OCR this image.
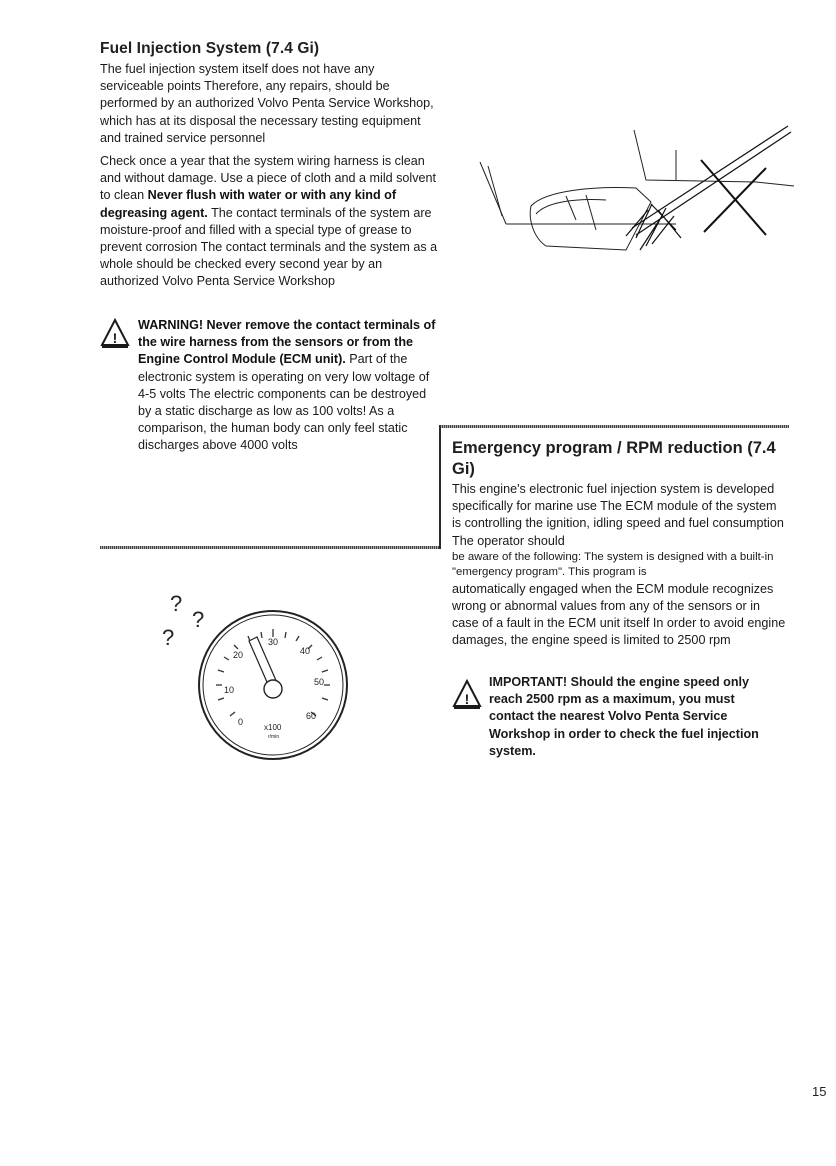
Fuel Injection System (7.4 Gi)

The fuel injection system itself does not have any serviceable points Therefore, any repairs, should be performed by an authorized Volvo Penta Service Workshop, which has at its disposal the necessary testing equipment and trained service personnel

Check once a year that the system wiring harness is clean and without damage. Use a piece of cloth and a mild solvent to clean Never flush with water or with any kind of degreasing agent. The contact terminals of the system are moisture-proof and filled with a special type of grease to prevent corrosion The contact terminals and the system as a whole should be checked every second year by an authorized Volvo Penta Service Workshop

!
WARNING! Never remove the contact terminals of the wire harness from the sensors or from the Engine Control Module (ECM unit). Part of the electronic system is operating on very low voltage of 4-5 volts The electric components can be destroyed by a static discharge as low as 100 volts! As a comparison, the human body can only feel static discharges above 4000 volts	Emergency program / RPM reduction (7.4 Gi)
This engine's electronic fuel injection system is developed specifically for marine use The ECM module of the system is controlling the ignition, idling speed and fuel consumption The operator should
be aware of the following: The system is designed with a built-in "emergency program". This program is
automatically engaged when the ECM module recognizes wrong or abnormal values from any of the sensors or in case of a fault in the ECM unit itself In order to avoid engine damages, the engine speed is limited to 2500 rpm
!
IMPORTANT! Should the engine speed only reach 2500 rpm as a maximum, you must contact the nearest Volvo Penta Service Workshop in order to check the fuel injection system.
?
?
?
0
10
20
30
40
50
60
x100
r/min
15
